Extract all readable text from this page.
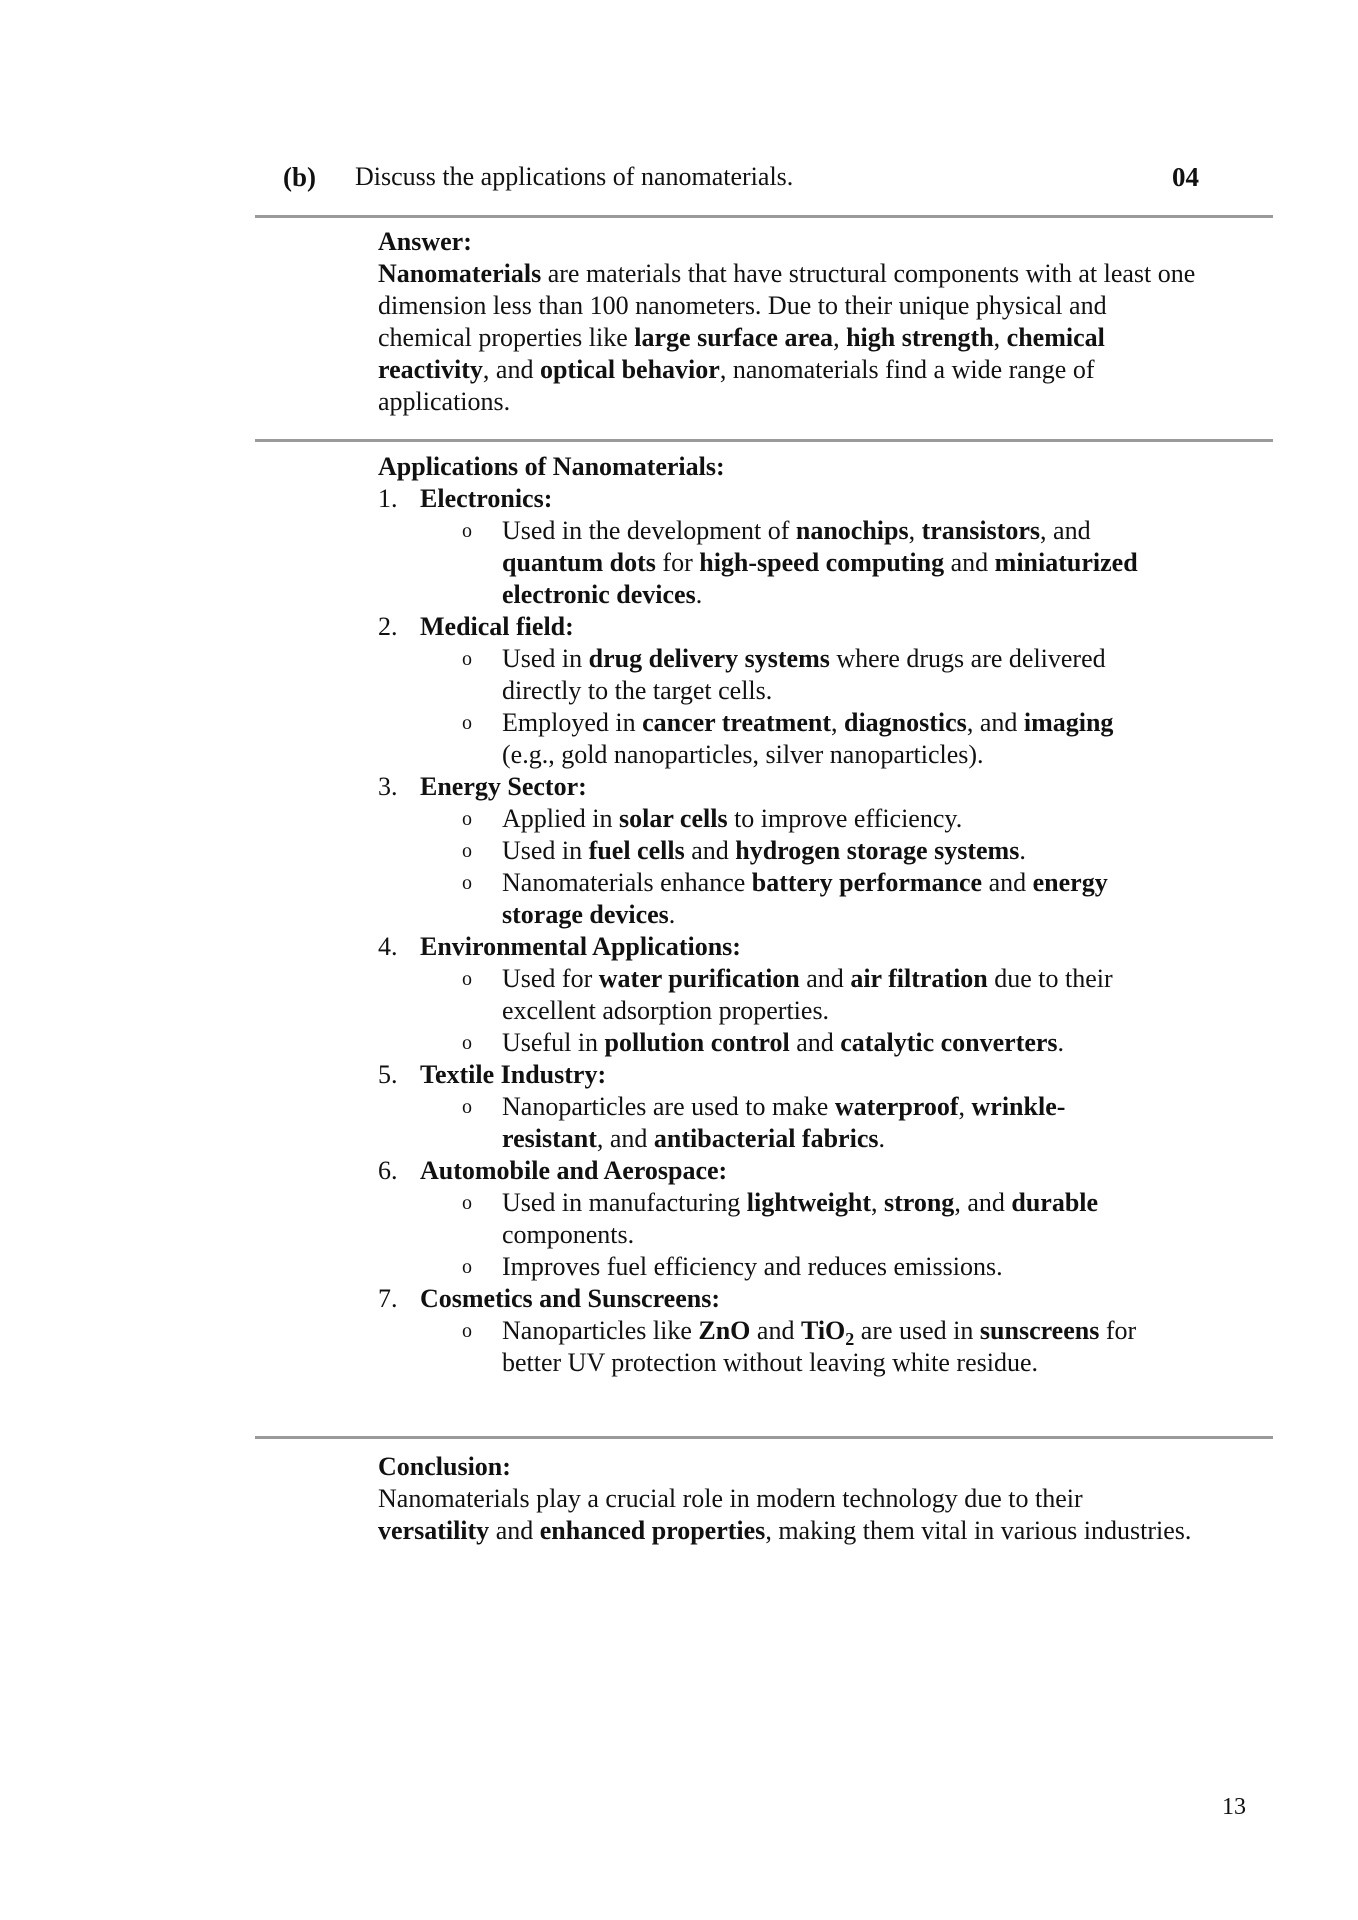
(b) Discuss the applications of nanomaterials.	04
Answer:

Nanomaterials are materials that have structural components with at least one dimension less than 100 nanometers. Due to their unique physical and chemical properties like large surface area, high strength, chemical reactivity, and optical behavior, nanomaterials find a wide range of applications.

Applications of Nanomaterials:
1. Electronics:
o Used in the development of nanochips, transistors, and quantum dots for high-speed computing and miniaturized electronic devices.
2. Medical field:
o Used in drug delivery systems where drugs are delivered directly to the target cells.
o Employed in cancer treatment, diagnostics, and imaging (e.g., gold nanoparticles, silver nanoparticles).
3. Energy Sector:
o Applied in solar cells to improve efficiency.
o Used in fuel cells and hydrogen storage systems.
o Nanomaterials enhance battery performance and energy storage devices.
4. Environmental Applications:
o Used for water purification and air filtration due to their excellent adsorption properties.
o Useful in pollution control and catalytic converters.
5. Textile Industry:
o Nanoparticles are used to make waterproof, wrinkle-resistant, and antibacterial fabrics.
6. Automobile and Aerospace:
o Used in manufacturing lightweight, strong, and durable components.
o Improves fuel efficiency and reduces emissions.
7. Cosmetics and Sunscreens:
o Nanoparticles like ZnO and TiO$_2$ are used in sunscreens for better UV protection without leaving white residue.
Conclusion:

Nanomaterials play a crucial role in modern technology due to their versatility and enhanced properties, making them vital in various industries.

13
